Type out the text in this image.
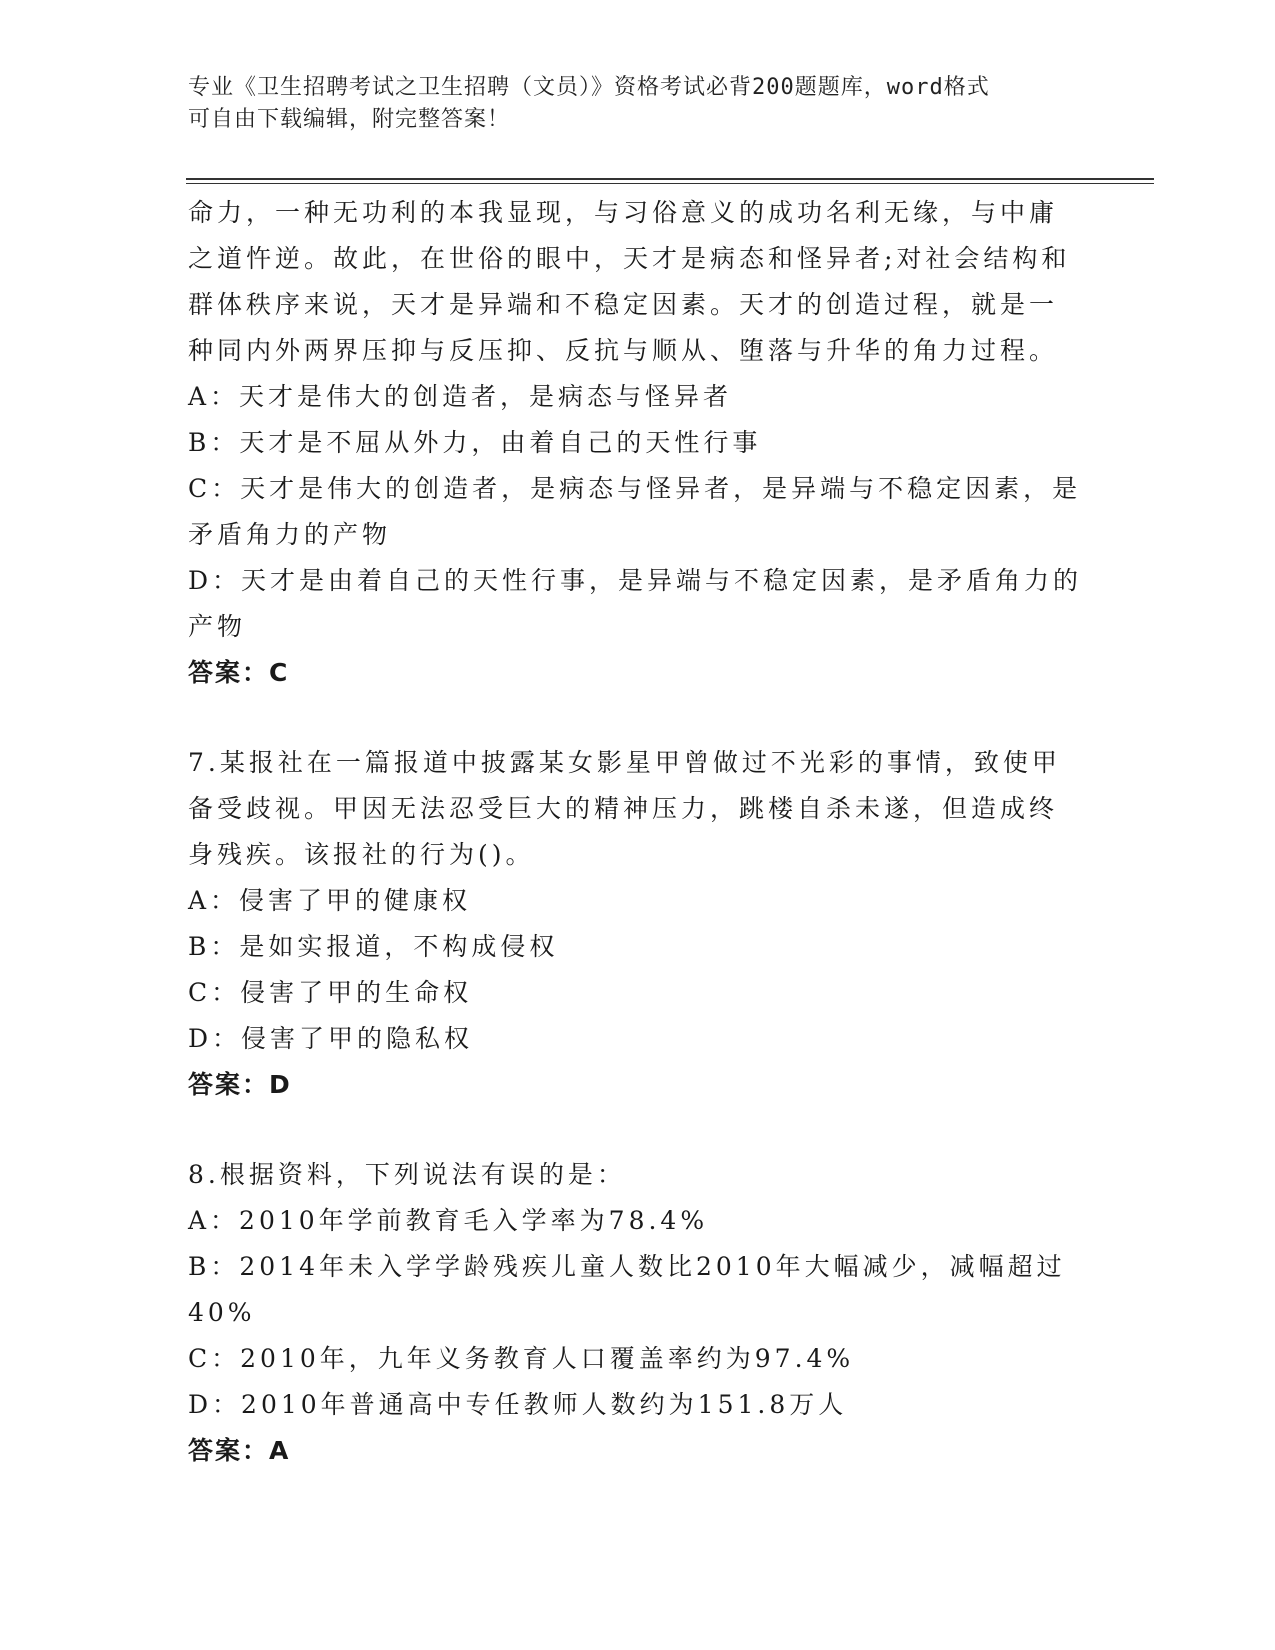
专业《卫生招聘考试之卫生招聘（文员）》资格考试必背200题题库，word格式
可自由下载编辑，附完整答案！
命力，一种无功利的本我显现，与习俗意义的成功名利无缘，与中庸
之道忤逆。故此，在世俗的眼中，天才是病态和怪异者;对社会结构和
群体秩序来说，天才是异端和不稳定因素。天才的创造过程，就是一
种同内外两界压抑与反压抑、反抗与顺从、堕落与升华的角力过程。
A：天才是伟大的创造者，是病态与怪异者
B：天才是不屈从外力，由着自己的天性行事
C：天才是伟大的创造者，是病态与怪异者，是异端与不稳定因素，是
矛盾角力的产物
D：天才是由着自己的天性行事，是异端与不稳定因素，是矛盾角力的
产物
答案：C
7.某报社在一篇报道中披露某女影星甲曾做过不光彩的事情，致使甲
备受歧视。甲因无法忍受巨大的精神压力，跳楼自杀未遂，但造成终
身残疾。该报社的行为()。
A：侵害了甲的健康权
B：是如实报道，不构成侵权
C：侵害了甲的生命权
D：侵害了甲的隐私权
答案：D
8.根据资料，下列说法有误的是：
A：2010年学前教育毛入学率为78.4%
B：2014年未入学学龄残疾儿童人数比2010年大幅减少，减幅超过
40%
C：2010年，九年义务教育人口覆盖率约为97.4%
D：2010年普通高中专任教师人数约为151.8万人
答案：A
